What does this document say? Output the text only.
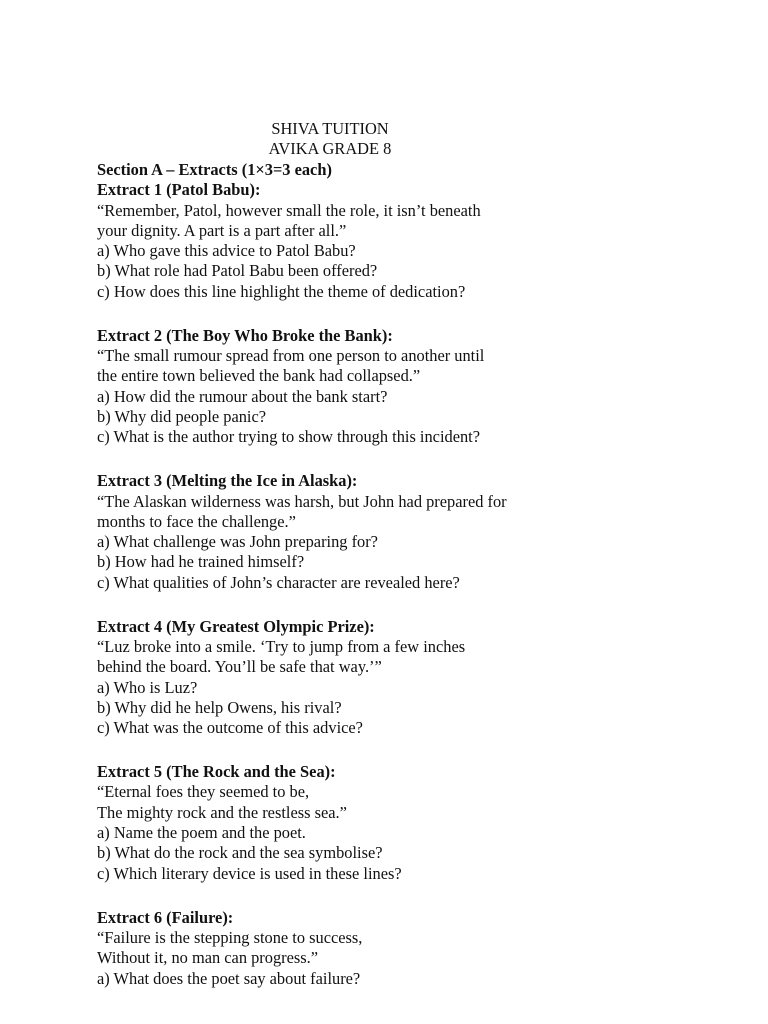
SHIVA TUITION
AVIKA GRADE 8
Section A – Extracts (1×3=3 each)
Extract 1 (Patol Babu):
“Remember, Patol, however small the role, it isn’t beneath
your dignity. A part is a part after all.”
a) Who gave this advice to Patol Babu?
b) What role had Patol Babu been offered?
c) How does this line highlight the theme of dedication?
Extract 2 (The Boy Who Broke the Bank):
“The small rumour spread from one person to another until
the entire town believed the bank had collapsed.”
a) How did the rumour about the bank start?
b) Why did people panic?
c) What is the author trying to show through this incident?
Extract 3 (Melting the Ice in Alaska):
“The Alaskan wilderness was harsh, but John had prepared for
months to face the challenge.”
a) What challenge was John preparing for?
b) How had he trained himself?
c) What qualities of John’s character are revealed here?
Extract 4 (My Greatest Olympic Prize):
“Luz broke into a smile. ‘Try to jump from a few inches
behind the board. You’ll be safe that way.’”
a) Who is Luz?
b) Why did he help Owens, his rival?
c) What was the outcome of this advice?
Extract 5 (The Rock and the Sea):
“Eternal foes they seemed to be,
The mighty rock and the restless sea.”
a) Name the poem and the poet.
b) What do the rock and the sea symbolise?
c) Which literary device is used in these lines?
Extract 6 (Failure):
“Failure is the stepping stone to success,
Without it, no man can progress.”
a) What does the poet say about failure?
